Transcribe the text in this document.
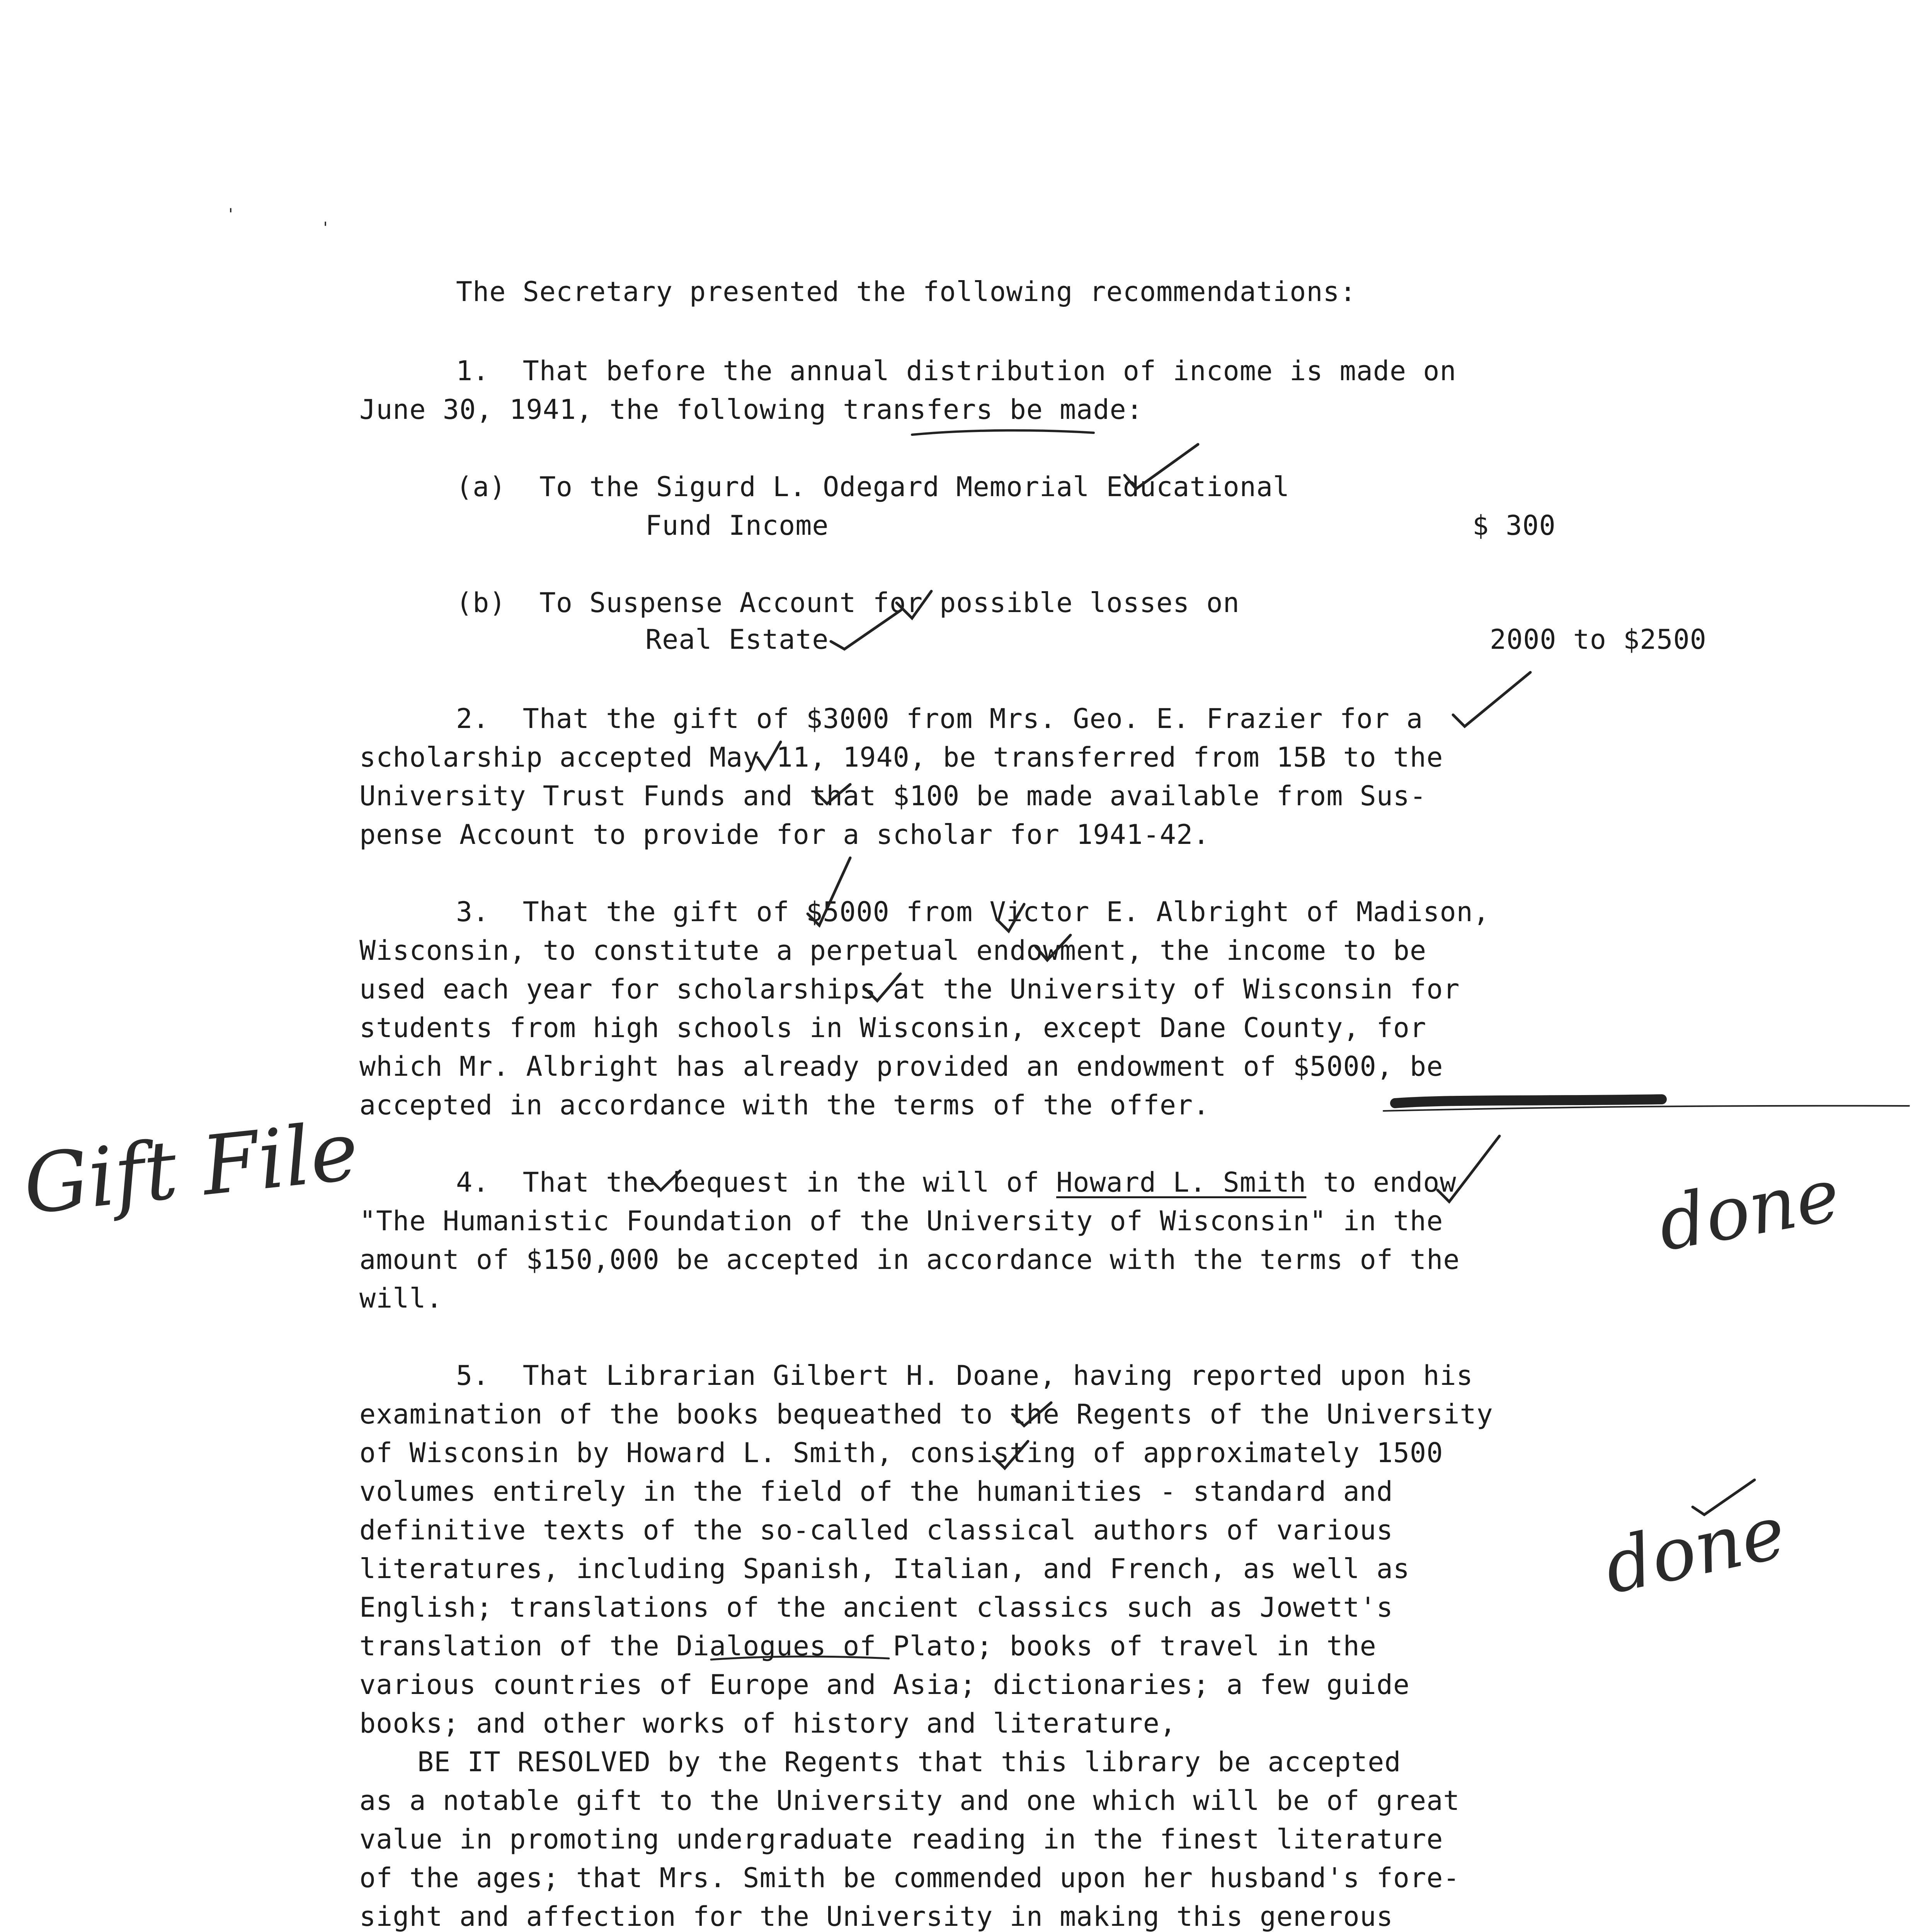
'
'
The Secretary presented the following recommendations:
1.  That before the annual distribution of income is made on
June 30, 1941, the following transfers be made:
(a)  To the Sigurd L. Odegard Memorial Educational
Fund Income	$ 300
(b)  To Suspense Account for possible losses on
Real Estate	2000 to $2500
2.  That the gift of $3000 from Mrs. Geo. E. Frazier for a
scholarship accepted May 11, 1940, be transferred from 15B to the
University Trust Funds and that $100 be made available from Sus-
pense Account to provide for a scholar for 1941-42.
3.  That the gift of $5000 from Victor E. Albright of Madison,
Wisconsin, to constitute a perpetual endowment, the income to be
used each year for scholarships at the University of Wisconsin for
students from high schools in Wisconsin, except Dane County, for
which Mr. Albright has already provided an endowment of $5000, be
accepted in accordance with the terms of the offer.
4.  That the bequest in the will of Howard L. Smith to endow
"The Humanistic Foundation of the University of Wisconsin" in the
amount of $150,000 be accepted in accordance with the terms of the
will.
5.  That Librarian Gilbert H. Doane, having reported upon his
examination of the books bequeathed to the Regents of the University
of Wisconsin by Howard L. Smith, consisting of approximately 1500
volumes entirely in the field of the humanities - standard and
definitive texts of the so-called classical authors of various
literatures, including Spanish, Italian, and French, as well as
English; translations of the ancient classics such as Jowett's
translation of the Dialogues of Plato; books of travel in the
various countries of Europe and Asia; dictionaries; a few guide
books; and other works of history and literature,
BE IT RESOLVED by the Regents that this library be accepted
as a notable gift to the University and one which will be of great
value in promoting undergraduate reading in the finest literature
of the ages; that Mrs. Smith be commended upon her husband's fore-
sight and affection for the University in making this generous
Gift File	done
done
